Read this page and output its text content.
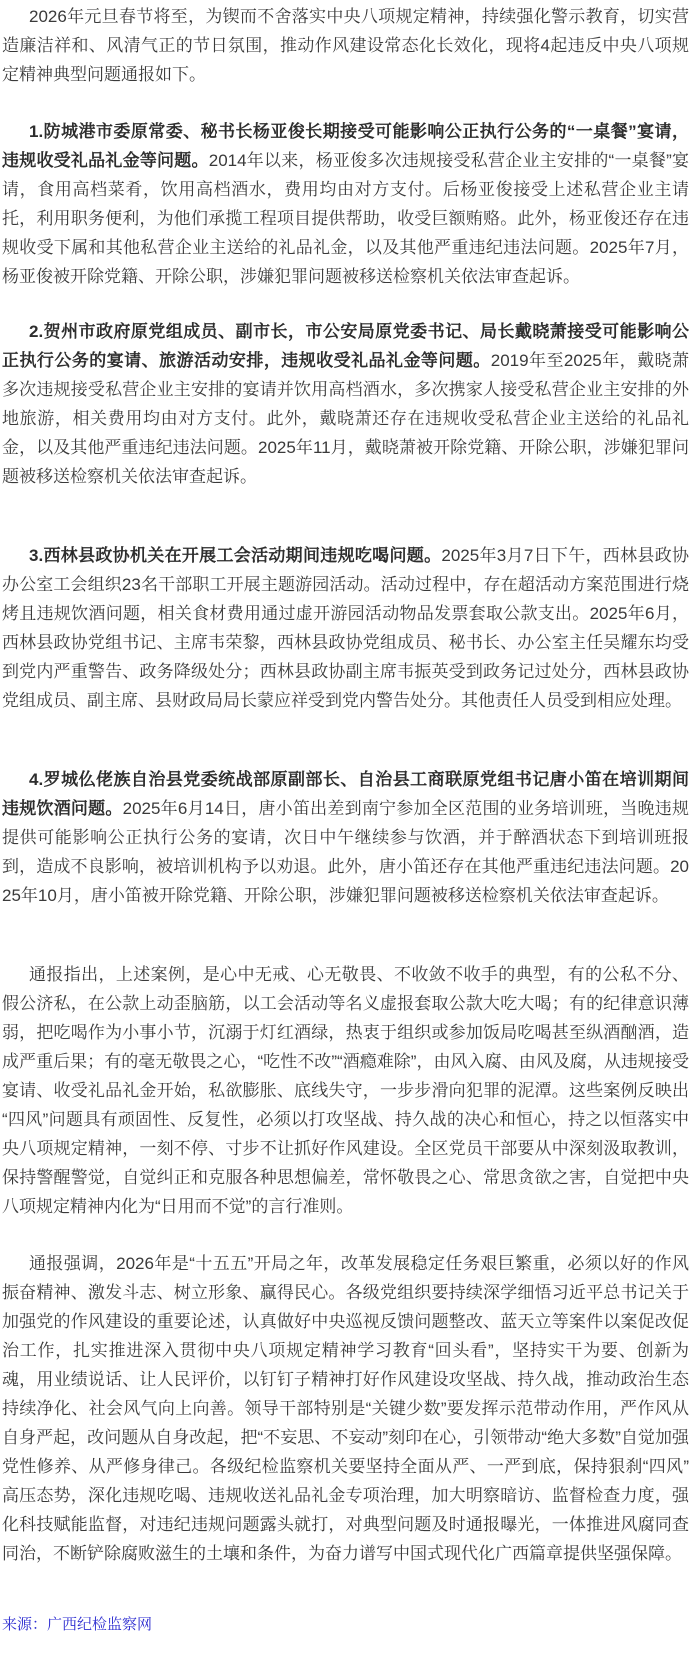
2026年元旦春节将至，为锲而不舍落实中央八项规定精神，持续强化警示教育，切实营造廉洁祥和、风清气正的节日氛围，推动作风建设常态化长效化，现将4起违反中央八项规定精神典型问题通报如下。

1.防城港市委原常委、秘书长杨亚俊长期接受可能影响公正执行公务的“一桌餐”宴请，违规收受礼品礼金等问题。2014年以来，杨亚俊多次违规接受私营企业主安排的“一桌餐”宴请，食用高档菜肴，饮用高档酒水，费用均由对方支付。后杨亚俊接受上述私营企业主请托，利用职务便利，为他们承揽工程项目提供帮助，收受巨额贿赂。此外，杨亚俊还存在违规收受下属和其他私营企业主送给的礼品礼金，以及其他严重违纪违法问题。2025年7月，杨亚俊被开除党籍、开除公职，涉嫌犯罪问题被移送检察机关依法审查起诉。

2.贺州市政府原党组成员、副市长，市公安局原党委书记、局长戴晓萧接受可能影响公正执行公务的宴请、旅游活动安排，违规收受礼品礼金等问题。2019年至2025年，戴晓萧多次违规接受私营企业主安排的宴请并饮用高档酒水，多次携家人接受私营企业主安排的外地旅游，相关费用均由对方支付。此外，戴晓萧还存在违规收受私营企业主送给的礼品礼金，以及其他严重违纪违法问题。2025年11月，戴晓萧被开除党籍、开除公职，涉嫌犯罪问题被移送检察机关依法审查起诉。

3.西林县政协机关在开展工会活动期间违规吃喝问题。2025年3月7日下午，西林县政协办公室工会组织23名干部职工开展主题游园活动。活动过程中，存在超活动方案范围进行烧烤且违规饮酒问题，相关食材费用通过虚开游园活动物品发票套取公款支出。2025年6月，西林县政协党组书记、主席韦荣黎，西林县政协党组成员、秘书长、办公室主任吴耀东均受到党内严重警告、政务降级处分；西林县政协副主席韦振英受到政务记过处分，西林县政协党组成员、副主席、县财政局局长蒙应祥受到党内警告处分。其他责任人员受到相应处理。

4.罗城仫佬族自治县党委统战部原副部长、自治县工商联原党组书记唐小笛在培训期间违规饮酒问题。2025年6月14日，唐小笛出差到南宁参加全区范围的业务培训班，当晚违规提供可能影响公正执行公务的宴请，次日中午继续参与饮酒，并于醉酒状态下到培训班报到，造成不良影响，被培训机构予以劝退。此外，唐小笛还存在其他严重违纪违法问题。2025年10月，唐小笛被开除党籍、开除公职，涉嫌犯罪问题被移送检察机关依法审查起诉。

通报指出，上述案例，是心中无戒、心无敬畏、不收敛不收手的典型，有的公私不分、假公济私，在公款上动歪脑筋，以工会活动等名义虚报套取公款大吃大喝；有的纪律意识薄弱，把吃喝作为小事小节，沉溺于灯红酒绿，热衷于组织或参加饭局吃喝甚至纵酒酗酒，造成严重后果；有的毫无敬畏之心，“吃性不改”“酒瘾难除”，由风入腐、由风及腐，从违规接受宴请、收受礼品礼金开始，私欲膨胀、底线失守，一步步滑向犯罪的泥潭。这些案例反映出“四风”问题具有顽固性、反复性，必须以打攻坚战、持久战的决心和恒心，持之以恒落实中央八项规定精神，一刻不停、寸步不让抓好作风建设。全区党员干部要从中深刻汲取教训，保持警醒警觉，自觉纠正和克服各种思想偏差，常怀敬畏之心、常思贪欲之害，自觉把中央八项规定精神内化为“日用而不觉”的言行准则。

通报强调，2026年是“十五五”开局之年，改革发展稳定任务艰巨繁重，必须以好的作风振奋精神、激发斗志、树立形象、赢得民心。各级党组织要持续深学细悟习近平总书记关于加强党的作风建设的重要论述，认真做好中央巡视反馈问题整改、蓝天立等案件以案促改促治工作，扎实推进深入贯彻中央八项规定精神学习教育“回头看”，坚持实干为要、创新为魂，用业绩说话、让人民评价，以钉钉子精神打好作风建设攻坚战、持久战，推动政治生态持续净化、社会风气向上向善。领导干部特别是“关键少数”要发挥示范带动作用，严作风从自身严起，改问题从自身改起，把“不妄思、不妄动”刻印在心，引领带动“绝大多数”自觉加强党性修养、从严修身律己。各级纪检监察机关要坚持全面从严、一严到底，保持狠刹“四风”高压态势，深化违规吃喝、违规收送礼品礼金专项治理，加大明察暗访、监督检查力度，强化科技赋能监督，对违纪违规问题露头就打，对典型问题及时通报曝光，一体推进风腐同查同治，不断铲除腐败滋生的土壤和条件，为奋力谱写中国式现代化广西篇章提供坚强保障。

来源：广西纪检监察网
